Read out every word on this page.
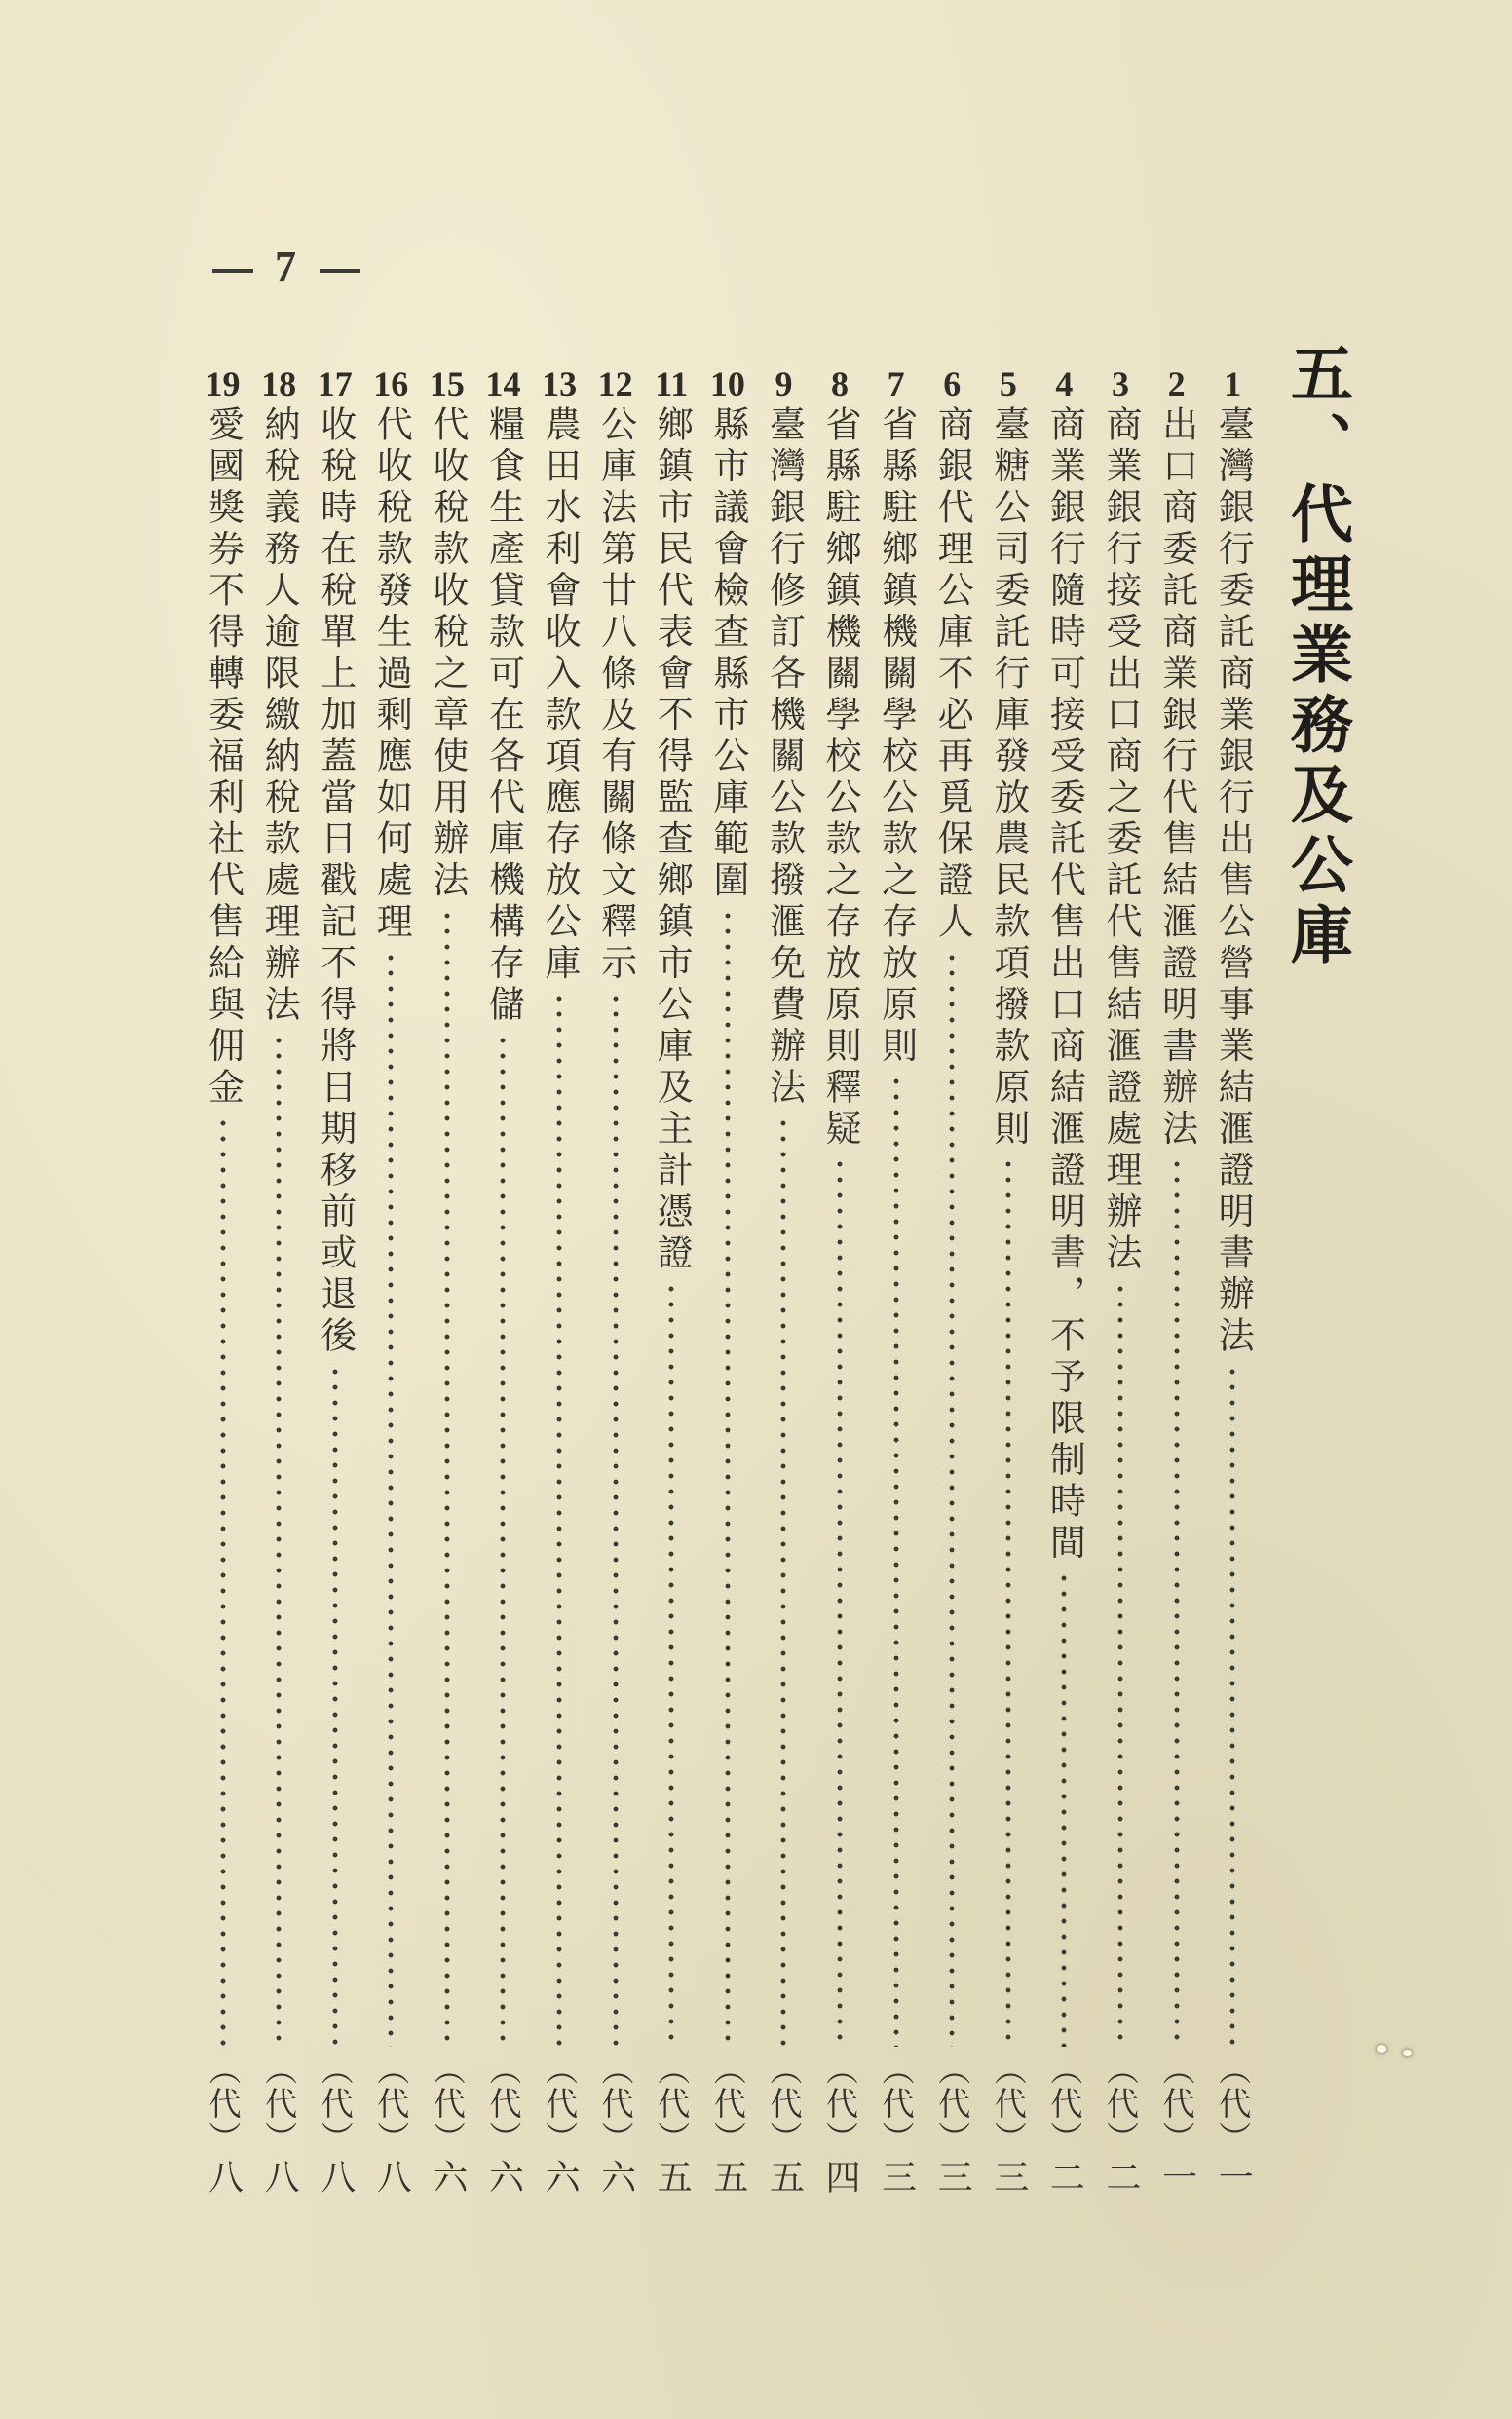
7
五、代理業務及公庫
1
臺灣銀行委託商業銀行出售公營事業結滙證明書辦法
（代）
一
2
出口商委託商業銀行代售結滙證明書辦法
（代）
一
3
商業銀行接受出口商之委託代售結滙證處理辦法
（代）
二
4
商業銀行隨時可接受委託代售出口商結滙證明書，不予限制時間
（代）
二
5
臺糖公司委託行庫發放農民款項撥款原則
（代）
三
6
商銀代理公庫不必再覓保證人
（代）
三
7
省縣駐鄉鎮機關學校公款之存放原則
（代）
三
8
省縣駐鄉鎮機關學校公款之存放原則釋疑
（代）
四
9
臺灣銀行修訂各機關公款撥滙免費辦法
（代）
五
10
縣市議會檢查縣市公庫範圍
（代）
五
11
鄉鎮市民代表會不得監查鄉鎮市公庫及主計憑證
（代）
五
12
公庫法第廿八條及有關條文釋示
（代）
六
13
農田水利會收入款項應存放公庫
（代）
六
14
糧食生產貸款可在各代庫機構存儲
（代）
六
15
代收稅款收稅之章使用辦法
（代）
六
16
代收稅款發生過剩應如何處理
（代）
八
17
收稅時在稅單上加蓋當日戳記不得將日期移前或退後
（代）
八
18
納稅義務人逾限繳納稅款處理辦法
（代）
八
19
愛國獎券不得轉委福利社代售給與佣金
（代）
八
